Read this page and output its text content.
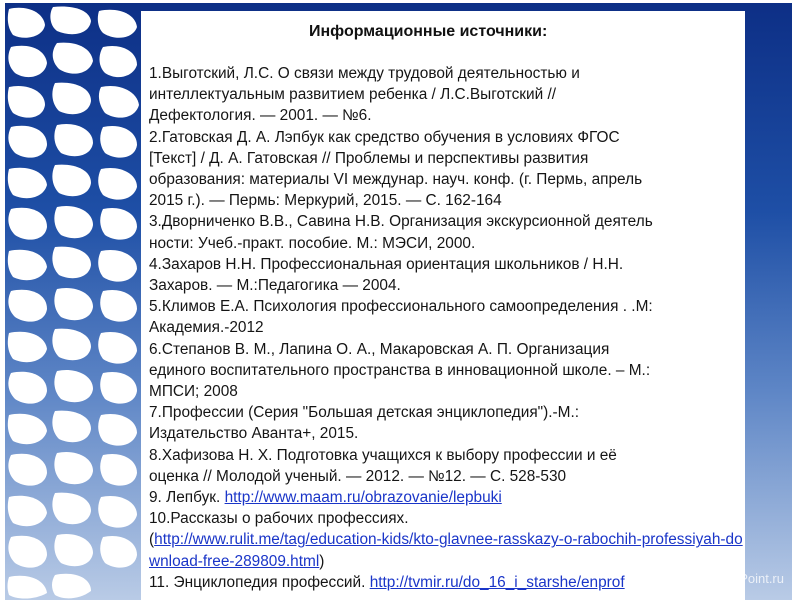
Информационные источники:
1.Выготский, Л.С. О связи между трудовой деятельностью и
интеллектуальным развитием ребенка / Л.С.Выготский //
Дефектология. — 2001. — №6.
2.Гатовская Д. А. Лэпбук как средство обучения в условиях ФГОС
[Текст] / Д. А. Гатовская // Проблемы и перспективы развития
образования: материалы VI междунар. науч. конф. (г. Пермь, апрель
2015 г.). — Пермь: Меркурий, 2015. — С. 162-164
3.Дворниченко В.В., Савина Н.В. Организация экскурсионной деятель
ности: Учеб.-практ. пособие. М.: МЭСИ, 2000.
4.Захаров Н.Н. Профессиональная ориентация школьников / Н.Н.
Захаров. — М.:Педагогика — 2004.
5.Климов Е.А. Психология профессионального самоопределения . .М:
Академия.-2012
6.Степанов В. М., Лапина О. А., Макаровская А. П. Организация
единого воспитательного пространства в инновационной школе. – М.:
МПСИ; 2008
7.Профессии (Серия "Большая детская энциклопедия").-М.:
Издательство Аванта+, 2015.
8.Хафизова Н. Х. Подготовка учащихся к выбору профессии и её
оценка // Молодой ученый. — 2012. — №12. — С. 528-530
9. Лепбук. http://www.maam.ru/obrazovanie/lepbuki
10.Рассказы о рабочих профессиях.
(http://www.rulit.me/tag/education-kids/kto-glavnee-rasskazy-o-rabochih-professiyah-download-free-289809.html)
11. Энциклопедия профессий. http://tvmir.ru/do_16_i_starshe/enprof	ProPowerPoint.ru
